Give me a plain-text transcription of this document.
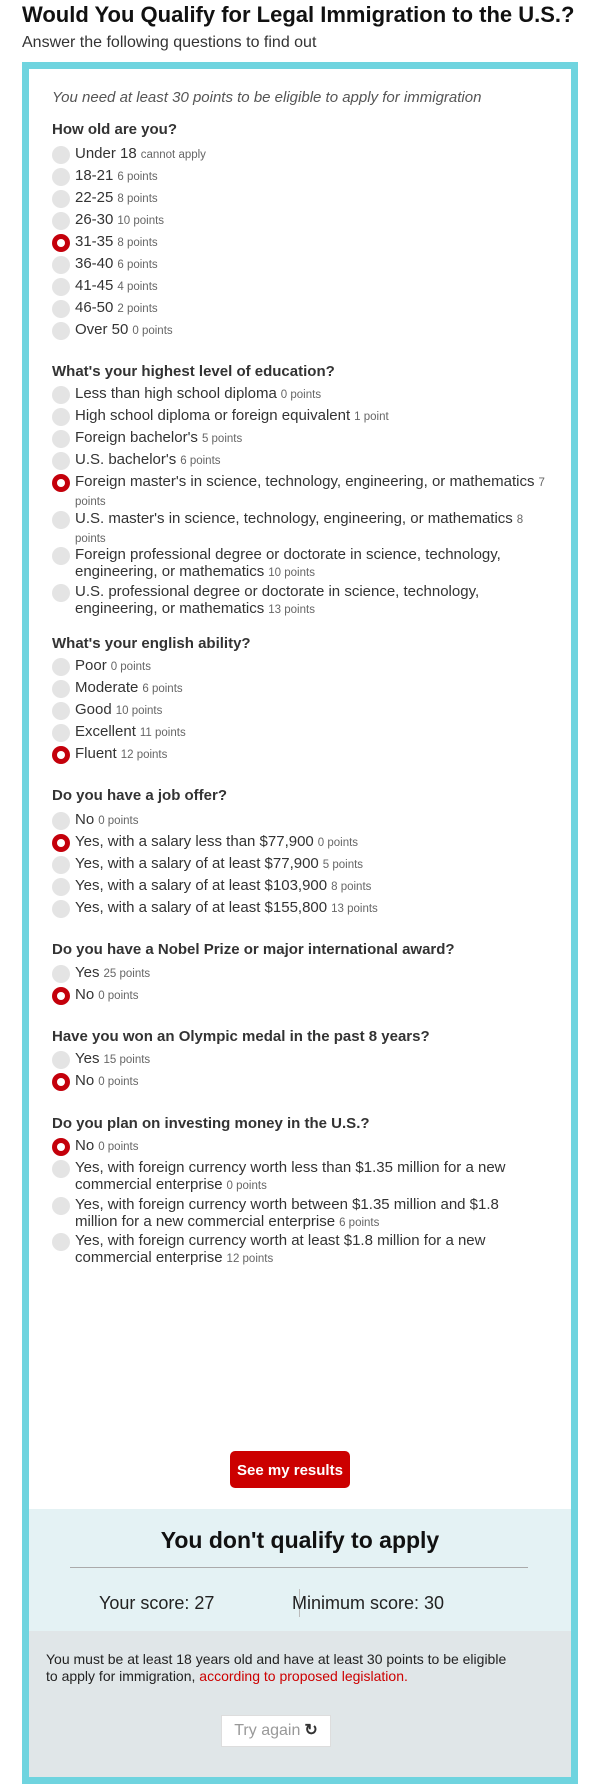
Would You Qualify for Legal Immigration to the U.S.?
Answer the following questions to find out
You need at least 30 points to be eligible to apply for immigration
How old are you?
Under 18 cannot apply
18-21 6 points
22-25 8 points
26-30 10 points
31-35 8 points
36-40 6 points
41-45 4 points
46-50 2 points
Over 50 0 points
What's your highest level of education?
Less than high school diploma 0 points
High school diploma or foreign equivalent 1 point
Foreign bachelor's 5 points
U.S. bachelor's 6 points
Foreign master's in science, technology, engineering, or mathematics 7 points
U.S. master's in science, technology, engineering, or mathematics 8 points
Foreign professional degree or doctorate in science, technology, engineering, or mathematics 10 points
U.S. professional degree or doctorate in science, technology, engineering, or mathematics 13 points
What's your english ability?
Poor 0 points
Moderate 6 points
Good 10 points
Excellent 11 points
Fluent 12 points
Do you have a job offer?
No 0 points
Yes, with a salary less than $77,900 0 points
Yes, with a salary of at least $77,900 5 points
Yes, with a salary of at least $103,900 8 points
Yes, with a salary of at least $155,800 13 points
Do you have a Nobel Prize or major international award?
Yes 25 points
No 0 points
Have you won an Olympic medal in the past 8 years?
Yes 15 points
No 0 points
Do you plan on investing money in the U.S.?
No 0 points
Yes, with foreign currency worth less than $1.35 million for a new commercial enterprise 0 points
Yes, with foreign currency worth between $1.35 million and $1.8 million for a new commercial enterprise 6 points
Yes, with foreign currency worth at least $1.8 million for a new commercial enterprise 12 points
See my results
You don't qualify to apply
Your score: 27	Minimum score: 30
You must be at least 18 years old and have at least 30 points to be eligible to apply for immigration, according to proposed legislation.
Try again ↻
